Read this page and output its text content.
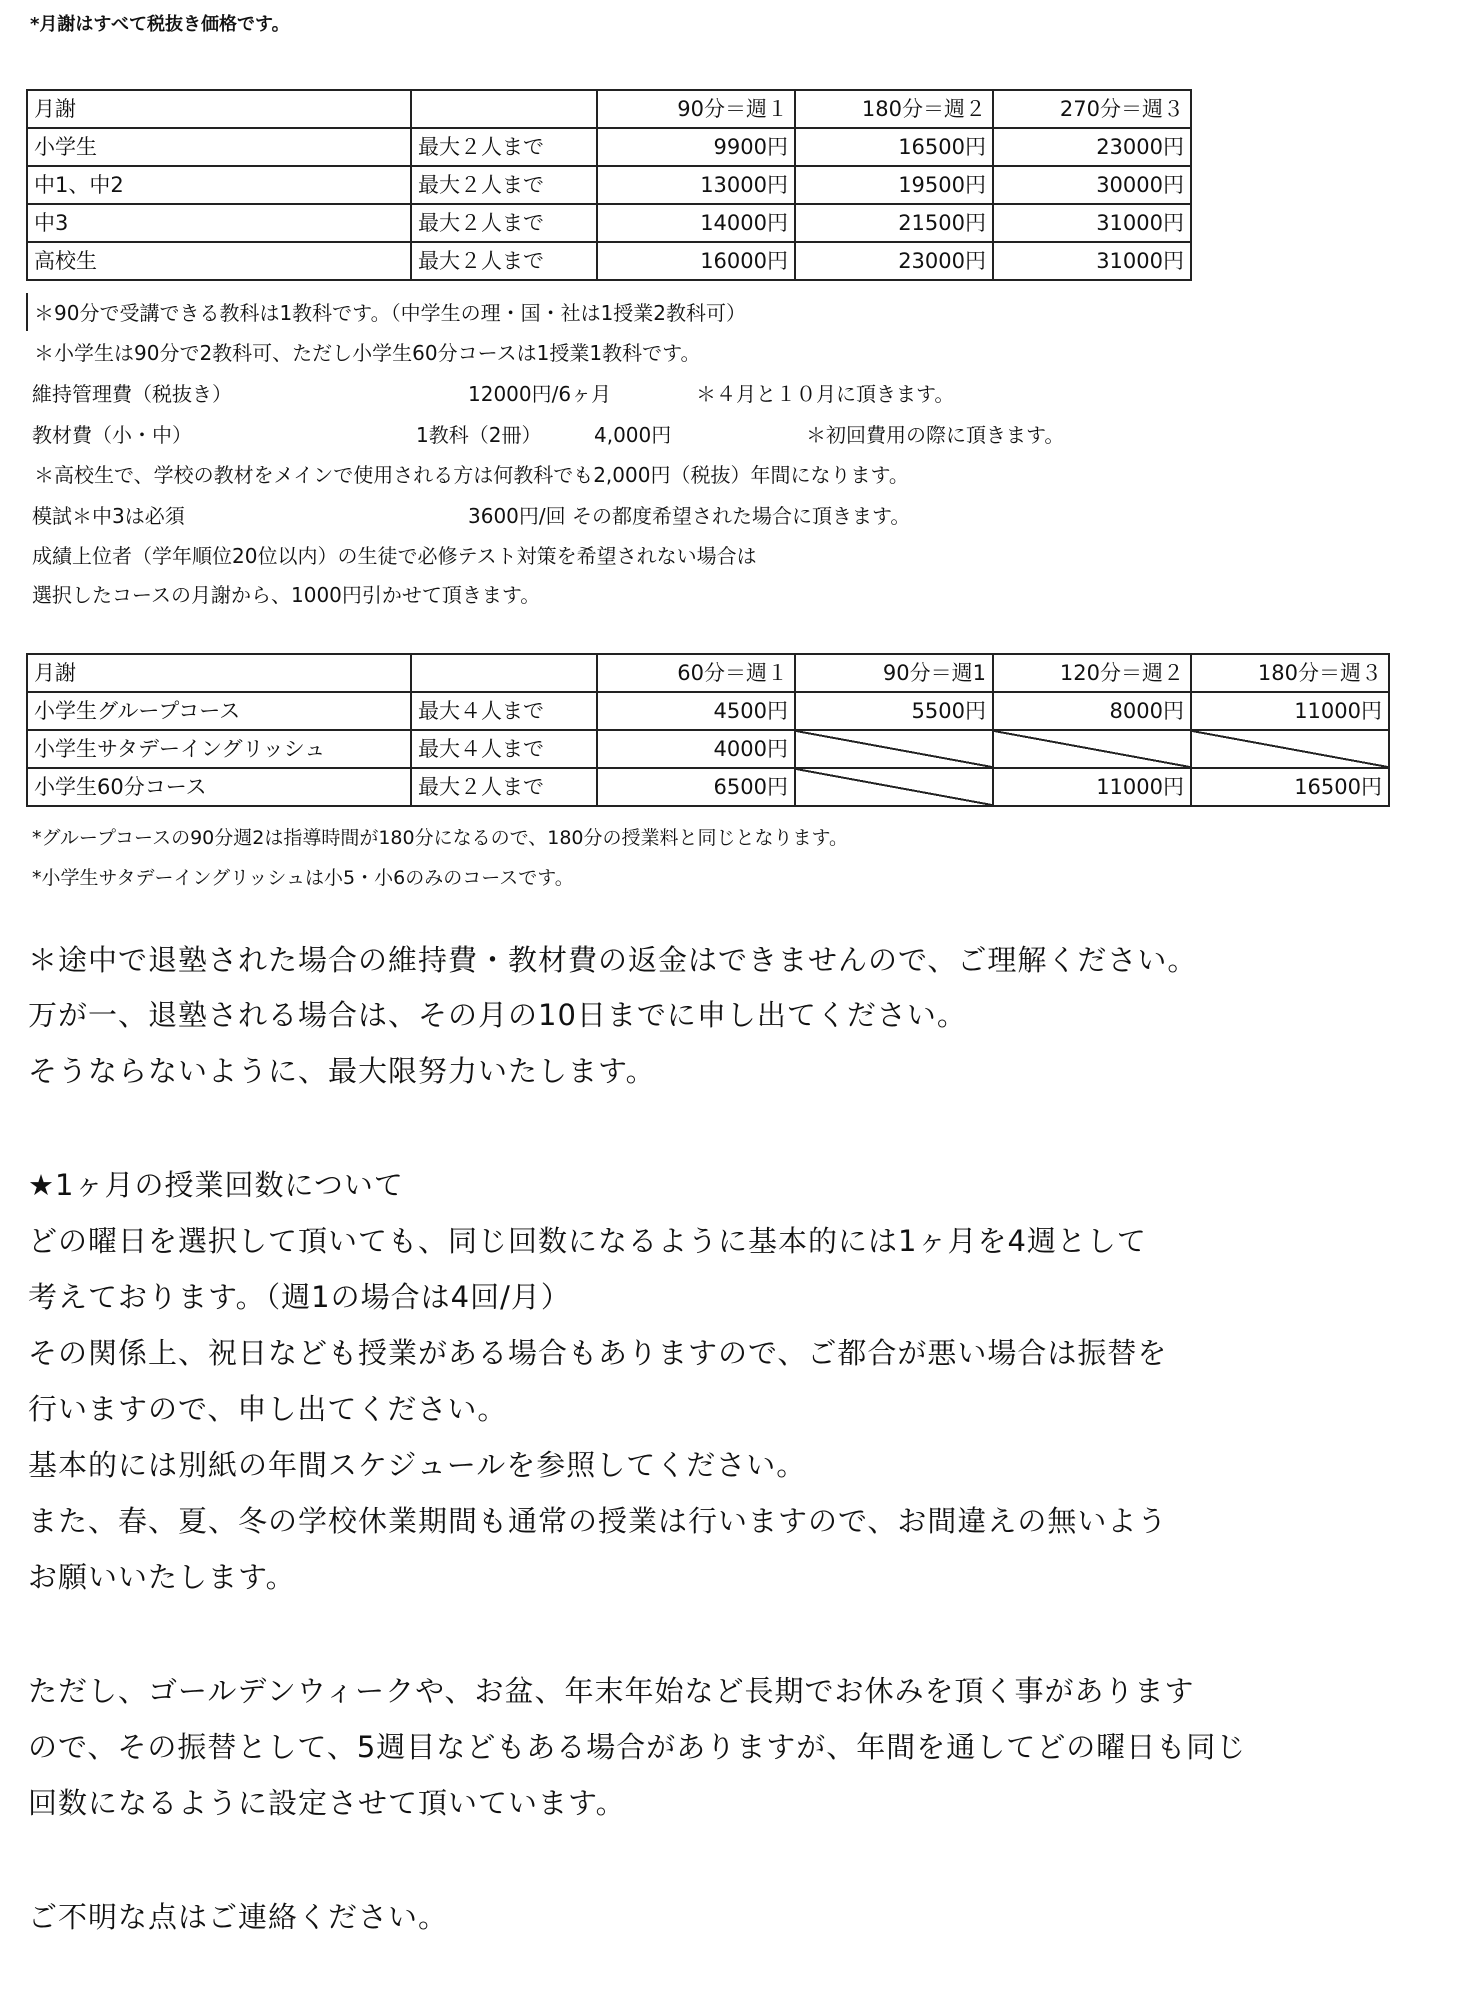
*月謝はすべて税抜き価格です。
月謝		90分＝週１	180分＝週２	270分＝週３
小学生	最大２人まで	9900円	16500円	23000円
中1、中2	最大２人まで	13000円	19500円	30000円
中3	最大２人まで	14000円	21500円	31000円
高校生	最大２人まで	16000円	23000円	31000円
＊90分で受講できる教科は1教科です。（中学生の理・国・社は1授業2教科可）
＊小学生は90分で2教科可、ただし小学生60分コースは1授業1教科です。
維持管理費（税抜き）	12000円/6ヶ月	＊４月と１０月に頂きます。
教材費（小・中）	1教科（2冊）	4,000円	＊初回費用の際に頂きます。
＊高校生で、学校の教材をメインで使用される方は何教科でも2,000円（税抜）年間になります。
模試＊中3は必須	3600円/回 その都度希望された場合に頂きます。
成績上位者（学年順位20位以内）の生徒で必修テスト対策を希望されない場合は
選択したコースの月謝から、1000円引かせて頂きます。
月謝		60分＝週１	90分＝週1	120分＝週２	180分＝週３
小学生グループコース	最大４人まで	4500円	5500円	8000円	11000円
小学生サタデーイングリッシュ	最大４人まで	4000円			
小学生60分コース	最大２人まで	6500円		11000円	16500円
*グループコースの90分週2は指導時間が180分になるので、180分の授業料と同じとなります。
*小学生サタデーイングリッシュは小5・小6のみのコースです。
＊途中で退塾された場合の維持費・教材費の返金はできませんので、ご理解ください。
万が一、退塾される場合は、その月の10日までに申し出てください。
そうならないように、最大限努力いたします。
★1ヶ月の授業回数について
どの曜日を選択して頂いても、同じ回数になるように基本的には1ヶ月を4週として
考えております。（週1の場合は4回/月）
その関係上、祝日なども授業がある場合もありますので、ご都合が悪い場合は振替を
行いますので、申し出てください。
基本的には別紙の年間スケジュールを参照してください。
また、春、夏、冬の学校休業期間も通常の授業は行いますので、お間違えの無いよう
お願いいたします。
ただし、ゴールデンウィークや、お盆、年末年始など長期でお休みを頂く事があります
ので、その振替として、5週目などもある場合がありますが、年間を通してどの曜日も同じ
回数になるように設定させて頂いています。
ご不明な点はご連絡ください。
